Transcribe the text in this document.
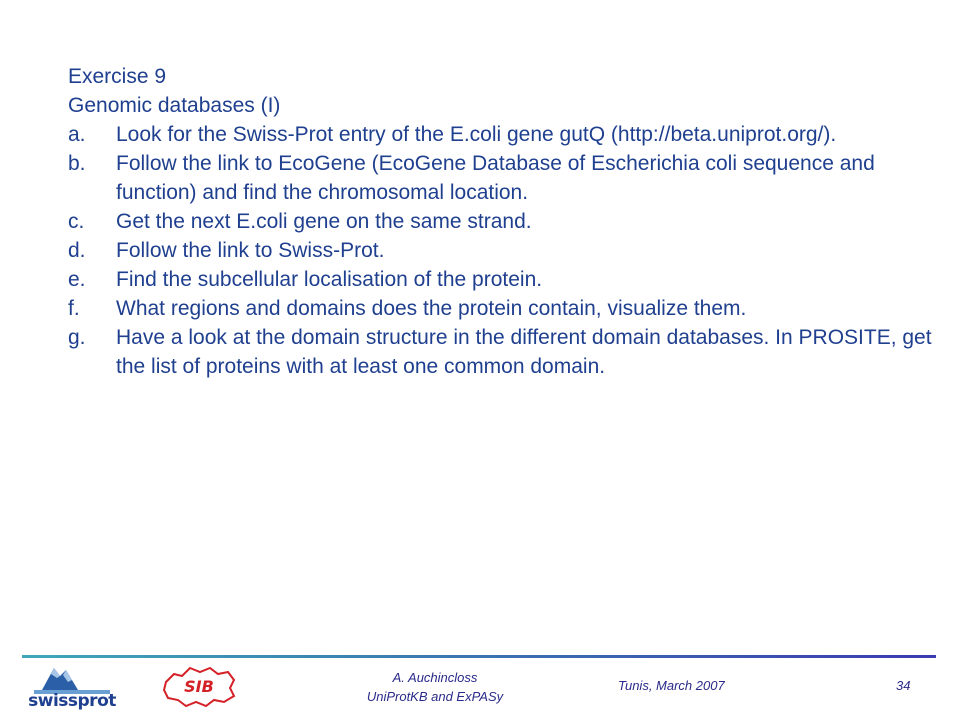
Exercise 9

Genomic databases (I)

a.	Look for the Swiss-Prot entry of the E.coli gene gutQ (http://beta.uniprot.org/).
b.	Follow the link to EcoGene (EcoGene Database of Escherichia coli sequence and function) and find the chromosomal location.
c.	Get the next E.coli gene on the same strand.
d.	Follow the link to Swiss-Prot.
e.	Find the subcellular localisation of the protein.
f.	What regions and domains does the protein contain, visualize them.
g.	Have a look at the domain structure in the different domain databases. In PROSITE, get the list of proteins with at least one common domain.
swissprot
SIB	A. Auchincloss
UniProtKB and ExPASy
Tunis, March 2007	34
